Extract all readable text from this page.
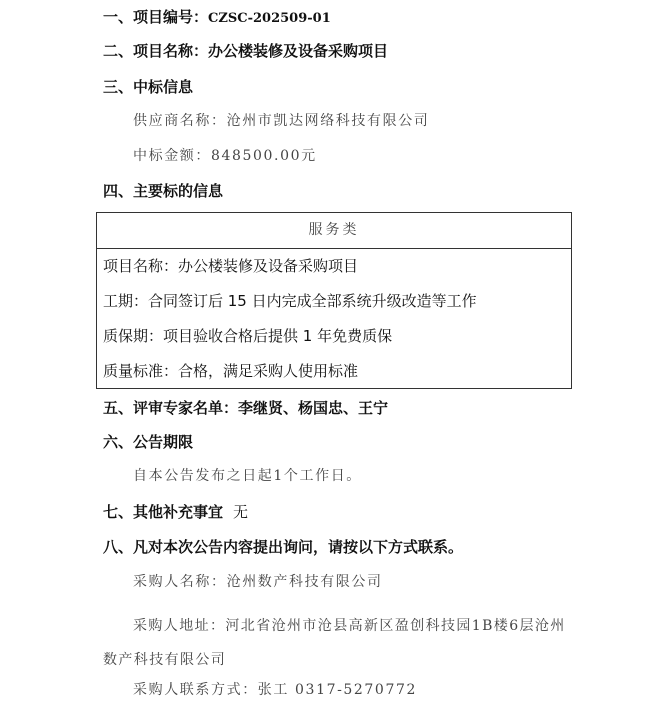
一、项目编号：CZSC-202509-01
二、项目名称：办公楼装修及设备采购项目
三、中标信息
供应商名称：沧州市凯达网络科技有限公司
中标金额：848500.00元
四、主要标的信息
服务类
项目名称：办公楼装修及设备采购项目
工期：合同签订后 15 日内完成全部系统升级改造等工作
质保期：项目验收合格后提供 1 年免费质保
质量标准：合格，满足采购人使用标准
五、评审专家名单：李继贤、杨国忠、王宁
六、公告期限
自本公告发布之日起1个工作日。
七、其他补充事宜 无
八、凡对本次公告内容提出询问，请按以下方式联系。
采购人名称：沧州数产科技有限公司
采购人地址：河北省沧州市沧县高新区盈创科技园1B楼6层沧州数产科技有限公司
采购人联系方式：张工 0317-5270772
